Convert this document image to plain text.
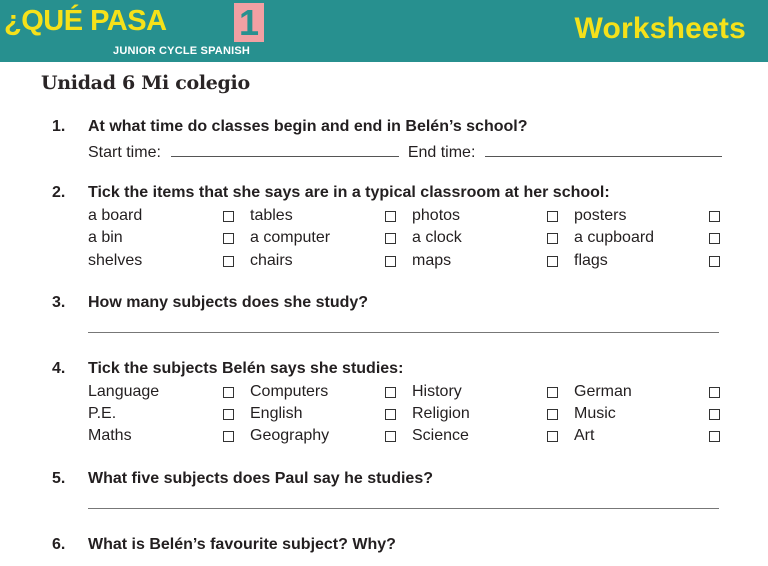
¿QUÉ PASA 1
JUNIOR CYCLE SPANISH
Worksheets
Unidad 6 Mi colegio
1. At what time do classes begin and end in Belén’s school?
Start time:	End time:
2. Tick the items that she says are in a typical classroom at her school:
a board	tables	photos	posters
a bin	a computer	a clock	a cupboard
shelves	chairs	maps	flags
3. How many subjects does she study?
4. Tick the subjects Belén says she studies:
Language	Computers	History	German
P.E.	English	Religion	Music
Maths	Geography	Science	Art
5. What five subjects does Paul say he studies?
6. What is Belén’s favourite subject? Why?
